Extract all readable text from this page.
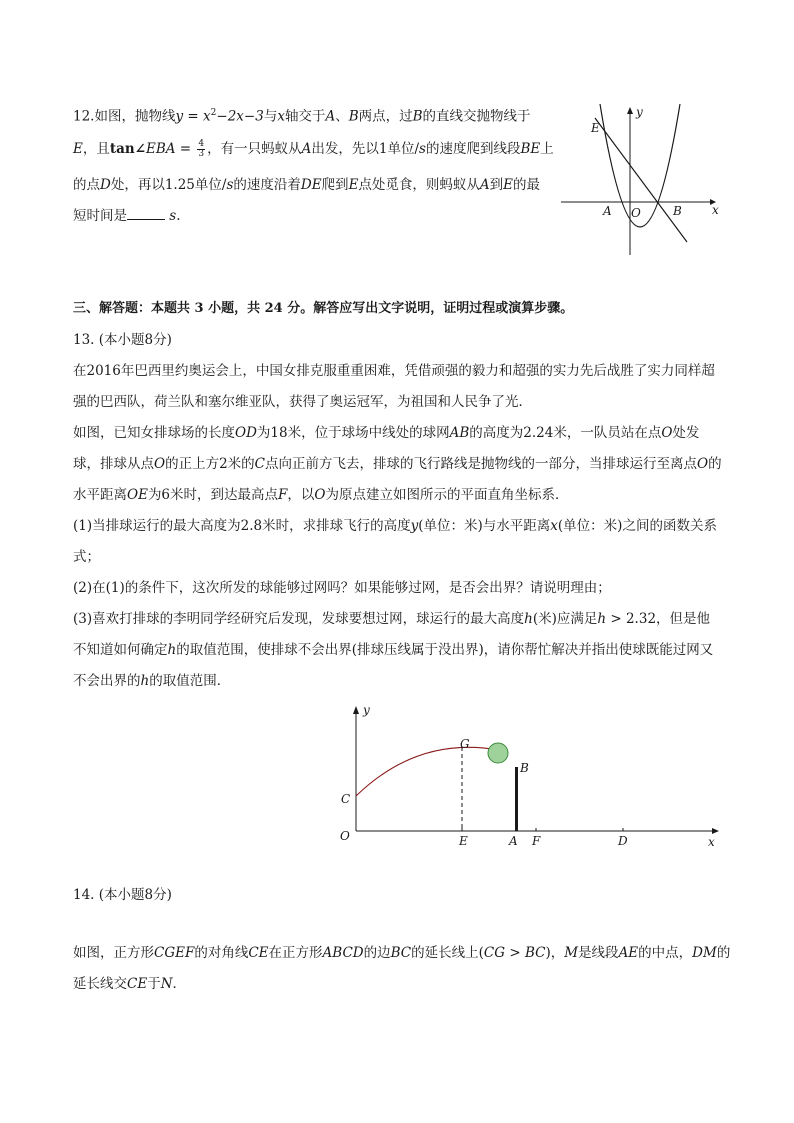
12.如图，抛物线$y = x^2-2x-3$与x轴交于A、B两点，过B的直线交抛物线于
E，且tan∠EBA = $\frac{4}{3}$ ，有一只蚂蚁从A出发，先以1单位/s的速度爬到线段BE上
的点D处，再以1.25单位/s的速度沿着DE爬到E点处觅食，则蚂蚁从A到E的最
短时间是	s.
y
x
E
A O	B
三、解答题：本题共 3 小题，共 24 分。解答应写出文字说明，证明过程或演算步骤。
13. (本小题8分)
在2016年巴西里约奥运会上，中国女排克服重重困难，凭借顽强的毅力和超强的实力先后战胜了实力同样超强的巴西队，荷兰队和塞尔维亚队，获得了奥运冠军，为祖国和人民争了光．
如图，已知女排球场的长度OD为18米，位于球场中线处的球网AB的高度为2.24米，一队员站在点O处发球，排球从点O的正上方2米的C点向正前方飞去，排球的飞行路线是抛物线的一部分，当排球运行至离点O的水平距离OE为6米时，到达最高点F，以O为原点建立如图所示的平面直角坐标系．
(1)当排球运行的最大高度为2.8米时，求排球飞行的高度y(单位：米)与水平距离x(单位：米)之间的函数关系式；
(2)在(1)的条件下，这次所发的球能够过网吗？如果能够过网，是否会出界？请说明理由；
(3)喜欢打排球的李明同学经研究后发现，发球要想过网，球运行的最大高度h(米)应满足h > 2.32，但是他不知道如何确定h的取值范围，使排球不会出界(排球压线属于没出界)，请你帮忙解决并指出使球既能过网又不会出界的h的取值范围．
y
x
O
C
G
B
E	A F	D
14. (本小题8分)
如图，正方形CGEF的对角线CE在正方形ABCD的边BC的延长线上(CG > BC)，M是线段AE的中点，DM的
延长线交CE于N．
